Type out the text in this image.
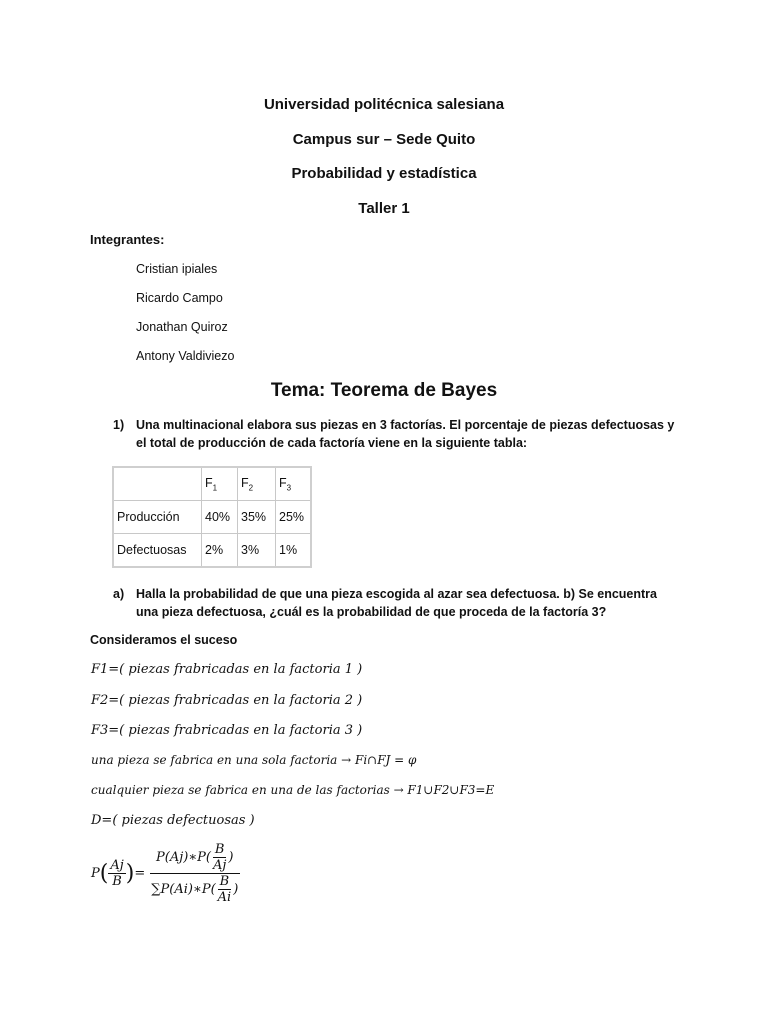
Universidad politécnica salesiana
Campus sur – Sede Quito
Probabilidad y estadística
Taller 1
Integrantes:
Cristian ipiales
Ricardo Campo
Jonathan Quiroz
Antony Valdiviezo
Tema: Teorema de Bayes
1) Una multinacional elabora sus piezas en 3 factorías. El porcentaje de piezas defectuosas y el total de producción de cada factoría viene en la siguiente tabla:
	$F_1$	$F_2$	$F_3$
Producción	40%	35%	25%
Defectuosas	2%	3%	1%
a) Halla la probabilidad de que una pieza escogida al azar sea defectuosa. b) Se encuentra una pieza defectuosa, ¿cuál es la probabilidad de que proceda de la factoría 3?
Consideramos el suceso
F1=( piezas frabricadas en la factoria 1 )
F2=( piezas frabricadas en la factoria 2 )
F3=( piezas frabricadas en la factoria 3 )
una pieza se fabrica en una sola factoria → Fi∩FJ = φ
cualquier pieza se fabrica en una de las factorias → F1∪F2∪F3=E
D=( piezas defectuosas )
P ( $\frac{Aj}{B}$ ) = $\frac{P(Aj)∗P( \frac{B}{Aj} )}{\sum P(Ai)∗P( \frac{B}{Ai} )}$
